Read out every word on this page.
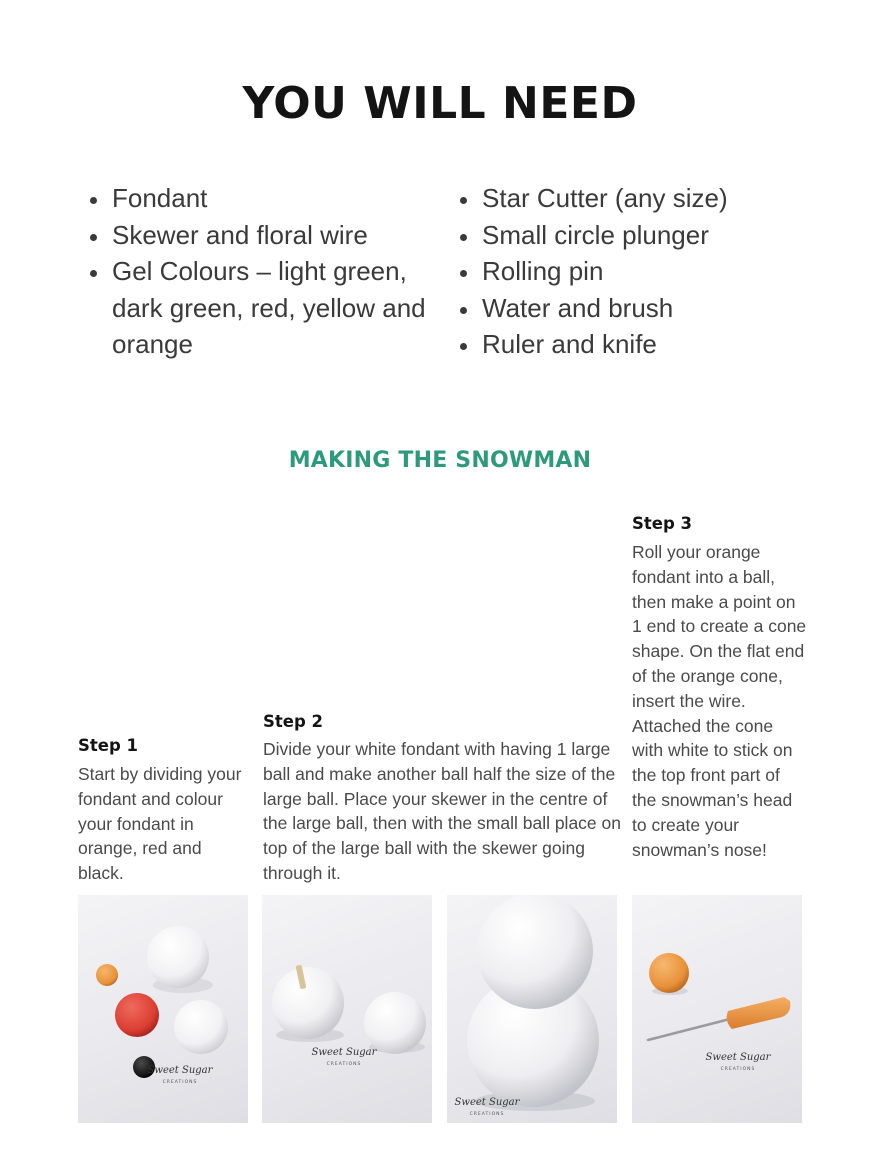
YOU WILL NEED
• Fondant
• Skewer and floral wire
• Gel Colours – light green, dark green, red, yellow and orange
• Star Cutter (any size)
• Small circle plunger
• Rolling pin
• Water and brush
• Ruler and knife
MAKING THE SNOWMAN
Step 1
Start by dividing your fondant and colour your fondant in orange, red and black.
Step 2
Divide your white fondant with having 1 large ball and make another ball half the size of the large ball. Place your skewer in the centre of the large ball, then with the small ball place on top of the large ball with the skewer going through it.
Step 3
Roll your orange fondant into a ball, then make a point on 1 end to create a cone shape. On the flat end of the orange cone, insert the wire. Attached the cone with white to stick on the top front part of the snowman’s head to create your snowman’s nose!
Sweet Sugar
CREATIONS
Sweet Sugar
CREATIONS
Sweet Sugar
CREATIONS
Sweet Sugar
CREATIONS
